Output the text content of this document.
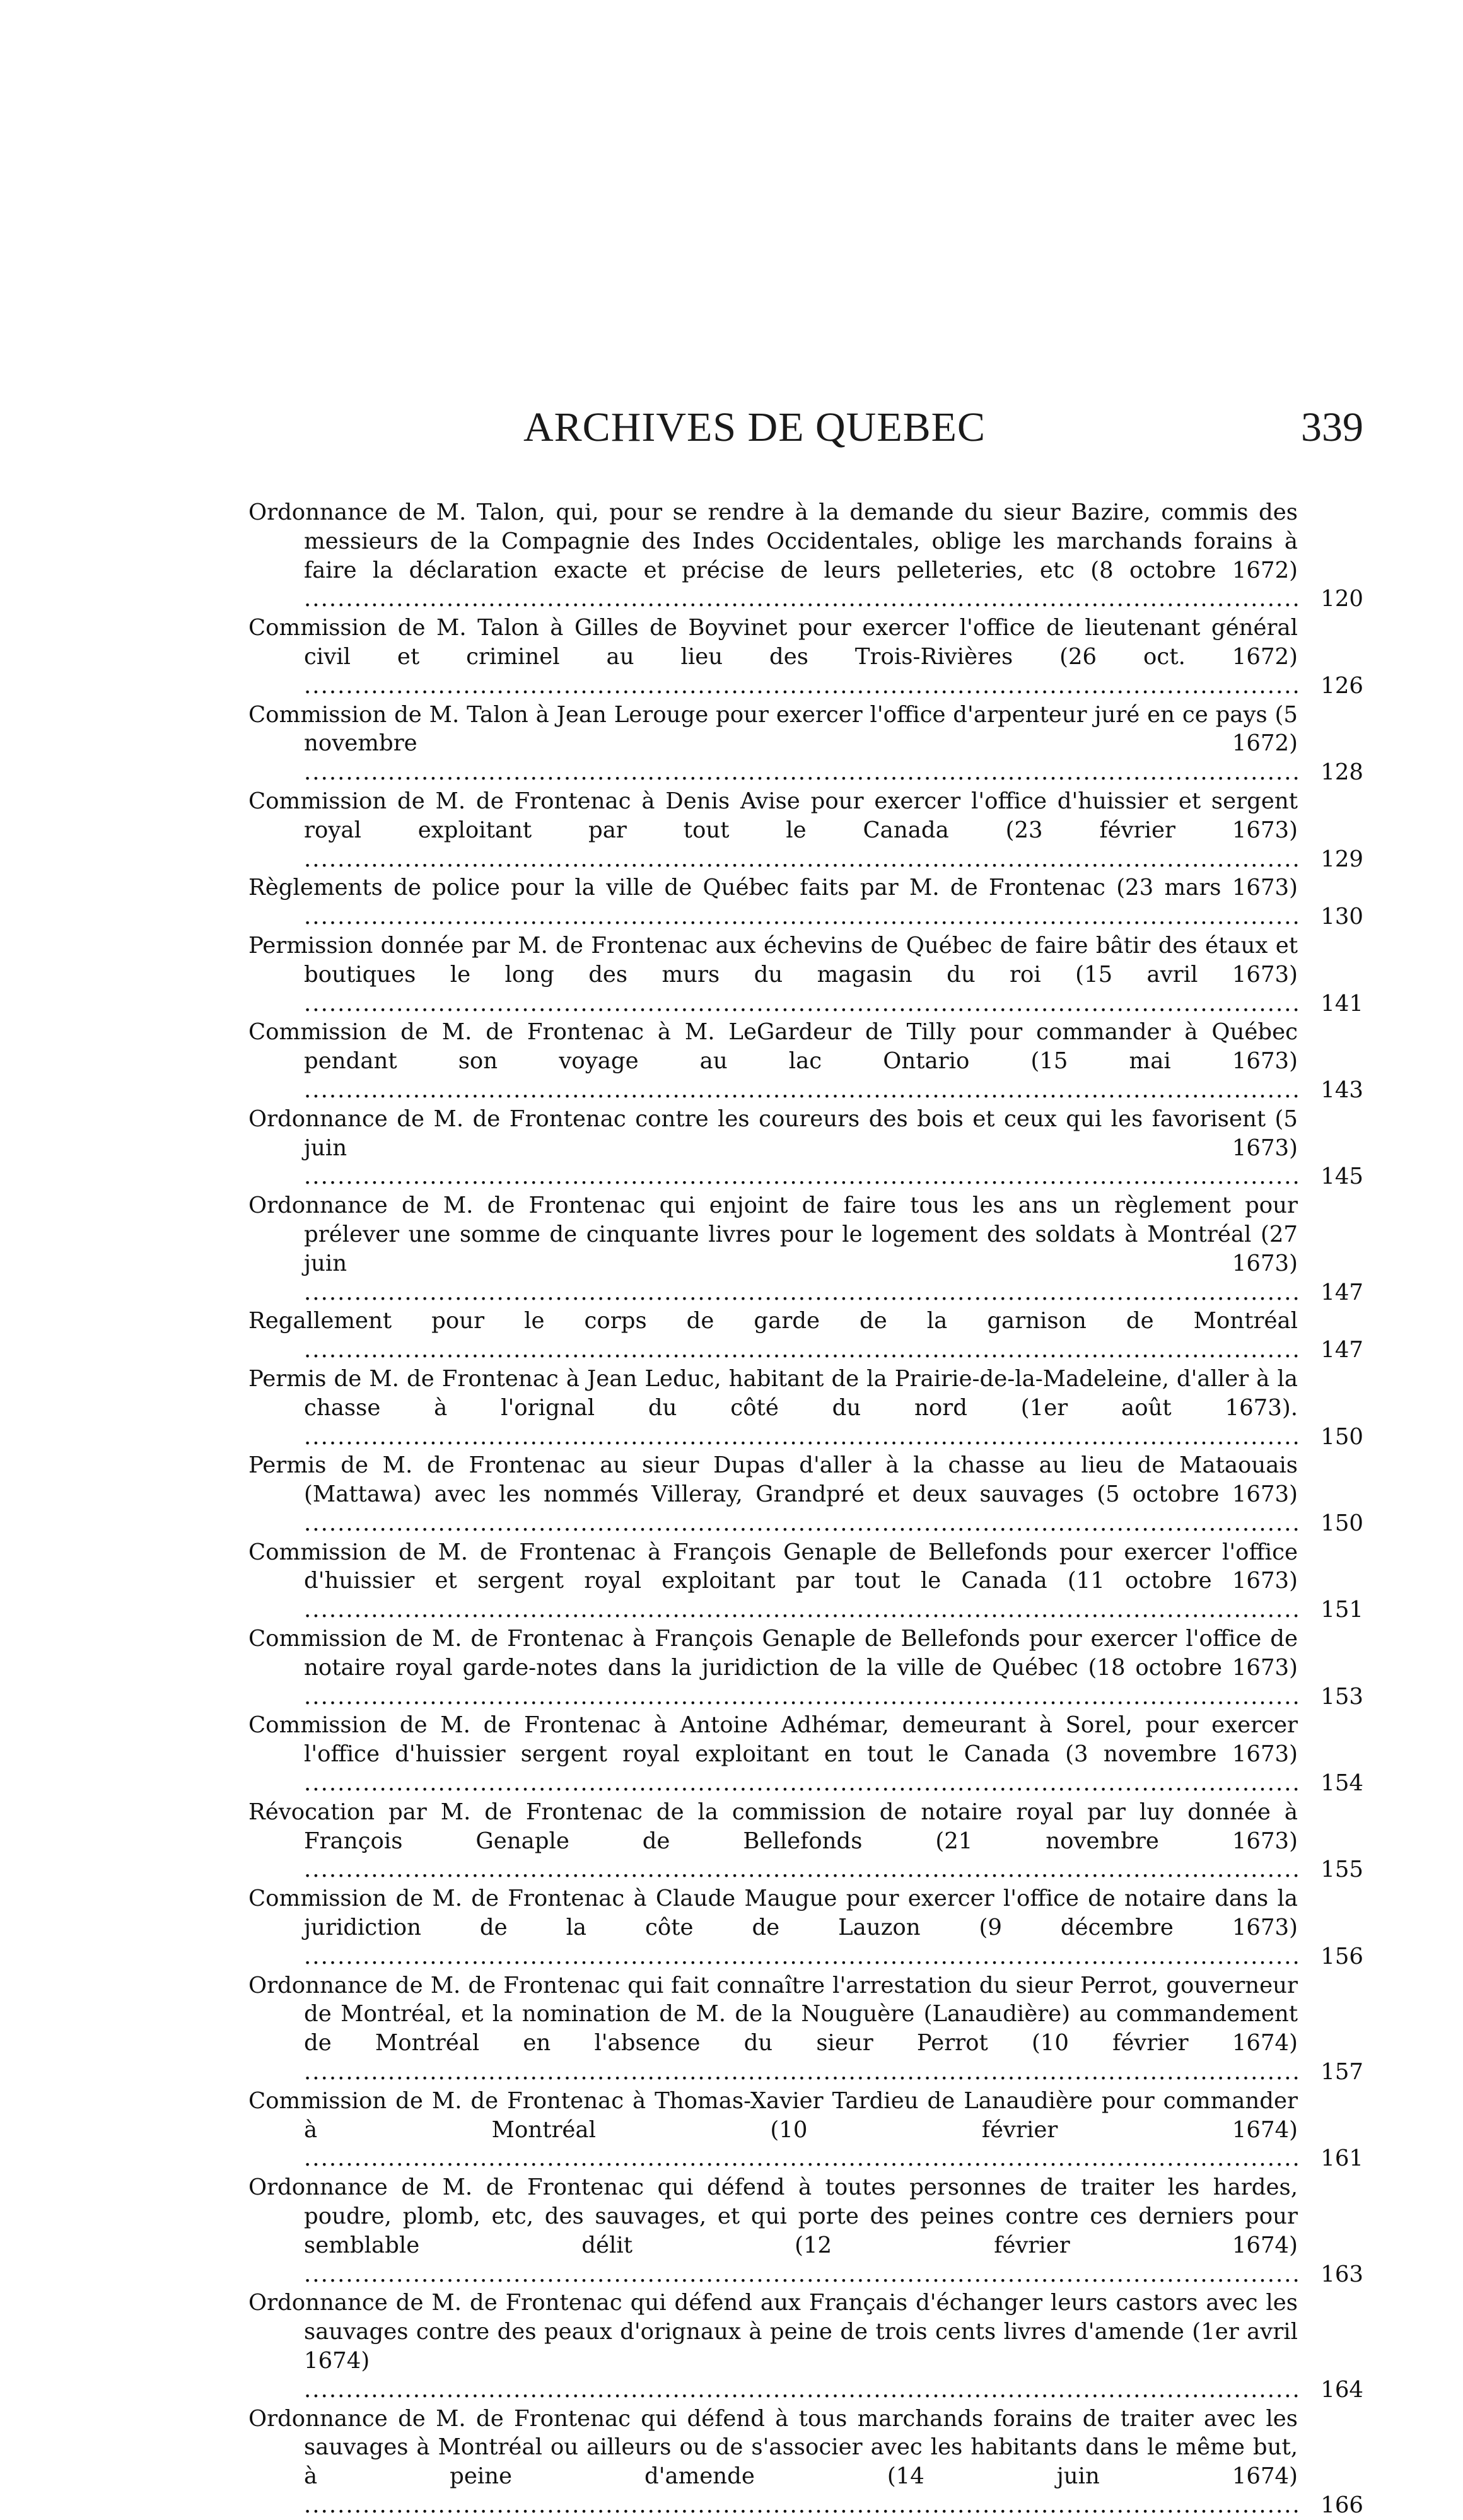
ARCHIVES DE QUEBEC	339
Ordonnance de M. Talon, qui, pour se rendre à la demande du sieur Bazire, commis des messieurs de la Compagnie des Indes Occidentales, oblige les marchands forains à faire la déclaration exacte et précise de leurs pelleteries, etc (8 octobre 1672) .....
120
Commission de M. Talon à Gilles de Boyvinet pour exercer l'office de lieutenant général civil et criminel au lieu des Trois-Rivières (26 oct. 1672) .....
126
Commission de M. Talon à Jean Lerouge pour exercer l'office d'arpenteur juré en ce pays (5 novembre 1672) .....
128
Commission de M. de Frontenac à Denis Avise pour exercer l'office d'huissier et sergent royal exploitant par tout le Canada (23 février 1673) .....
129
Règlements de police pour la ville de Québec faits par M. de Frontenac (23 mars 1673) .....
130
Permission donnée par M. de Frontenac aux échevins de Québec de faire bâtir des étaux et boutiques le long des murs du magasin du roi (15 avril 1673) .....
141
Commission de M. de Frontenac à M. LeGardeur de Tilly pour commander à Québec pendant son voyage au lac Ontario (15 mai 1673) .....
143
Ordonnance de M. de Frontenac contre les coureurs des bois et ceux qui les favorisent (5 juin 1673) .....
145
Ordonnance de M. de Frontenac qui enjoint de faire tous les ans un règlement pour prélever une somme de cinquante livres pour le logement des soldats à Montréal (27 juin 1673) .....
147
Regallement pour le corps de garde de la garnison de Montréal .....
147
Permis de M. de Frontenac à Jean Leduc, habitant de la Prairie-de-la-Madeleine, d'aller à la chasse à l'orignal du côté du nord (1er août 1673). .....
150
Permis de M. de Frontenac au sieur Dupas d'aller à la chasse au lieu de Mataouais (Mattawa) avec les nommés Villeray, Grandpré et deux sauvages (5 octobre 1673) .....
150
Commission de M. de Frontenac à François Genaple de Bellefonds pour exercer l'office d'huissier et sergent royal exploitant par tout le Canada (11 octobre 1673) .....
151
Commission de M. de Frontenac à François Genaple de Bellefonds pour exercer l'office de notaire royal garde-notes dans la juridiction de la ville de Québec (18 octobre 1673) .....
153
Commission de M. de Frontenac à Antoine Adhémar, demeurant à Sorel, pour exercer l'office d'huissier sergent royal exploitant en tout le Canada (3 novembre 1673) .....
154
Révocation par M. de Frontenac de la commission de notaire royal par luy donnée à François Genaple de Bellefonds (21 novembre 1673) .....
155
Commission de M. de Frontenac à Claude Maugue pour exercer l'office de notaire dans la juridiction de la côte de Lauzon (9 décembre 1673) .....
156
Ordonnance de M. de Frontenac qui fait connaître l'arrestation du sieur Perrot, gouverneur de Montréal, et la nomination de M. de la Nouguère (Lanaudière) au commandement de Montréal en l'absence du sieur Perrot (10 février 1674) .....
157
Commission de M. de Frontenac à Thomas-Xavier Tardieu de Lanaudière pour commander à Montréal (10 février 1674) .....
161
Ordonnance de M. de Frontenac qui défend à toutes personnes de traiter les hardes, poudre, plomb, etc, des sauvages, et qui porte des peines contre ces derniers pour semblable délit (12 février 1674) .....
163
Ordonnance de M. de Frontenac qui défend aux Français d'échanger leurs castors avec les sauvages contre des peaux d'orignaux à peine de trois cents livres d'amende (1er avril 1674) .....
164
Ordonnance de M. de Frontenac qui défend à tous marchands forains de traiter avec les sauvages à Montréal ou ailleurs ou de s'associer avec les habitants dans le même but, à peine d'amende (14 juin 1674) .....
166
